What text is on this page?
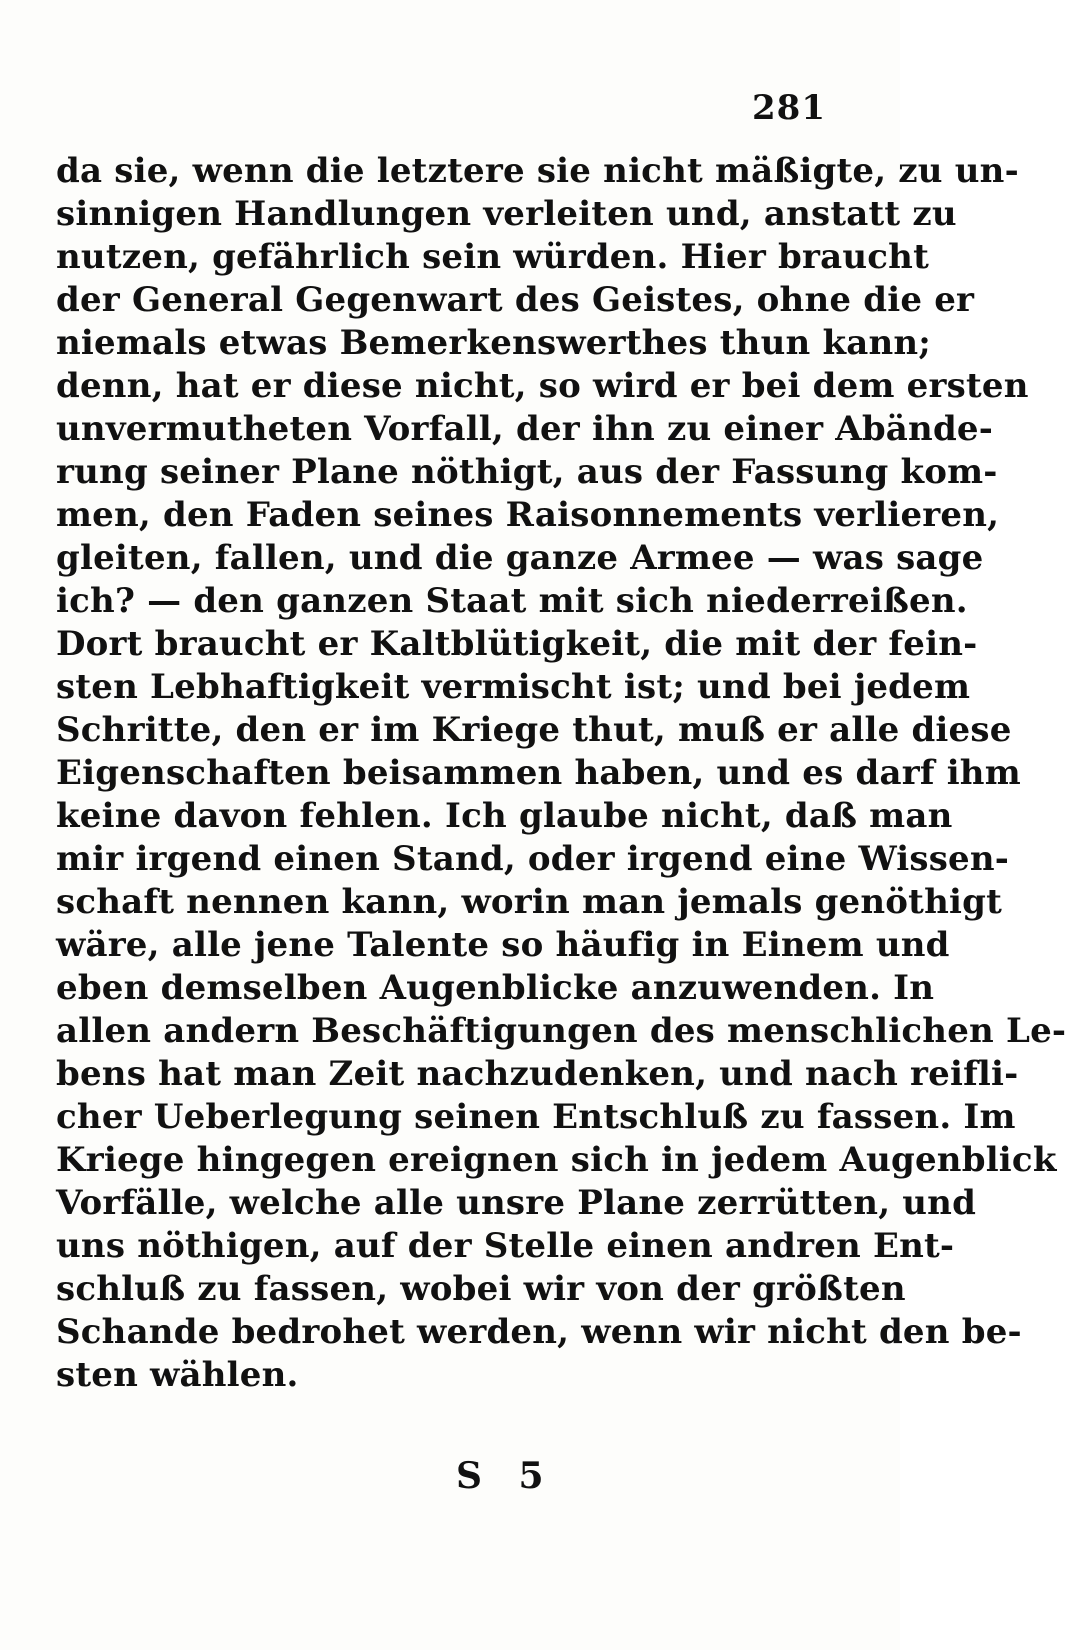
281
da sie, wenn die letztere sie nicht mäßigte, zu un-
sinnigen Handlungen verleiten und, anstatt zu
nutzen, gefährlich sein würden. Hier braucht
der General Gegenwart des Geistes, ohne die er
niemals etwas Bemerkenswerthes thun kann;
denn, hat er diese nicht, so wird er bei dem ersten
unvermutheten Vorfall, der ihn zu einer Abände-
rung seiner Plane nöthigt, aus der Fassung kom-
men, den Faden seines Raisonnements verlieren,
gleiten, fallen, und die ganze Armee — was sage
ich? — den ganzen Staat mit sich niederreißen.
Dort braucht er Kaltblütigkeit, die mit der fein-
sten Lebhaftigkeit vermischt ist; und bei jedem
Schritte, den er im Kriege thut, muß er alle diese
Eigenschaften beisammen haben, und es darf ihm
keine davon fehlen. Ich glaube nicht, daß man
mir irgend einen Stand, oder irgend eine Wissen-
schaft nennen kann, worin man jemals genöthigt
wäre, alle jene Talente so häufig in Einem und
eben demselben Augenblicke anzuwenden. In
allen andern Beschäftigungen des menschlichen Le-
bens hat man Zeit nachzudenken, und nach reifli-
cher Ueberlegung seinen Entschluß zu fassen. Im
Kriege hingegen ereignen sich in jedem Augenblick
Vorfälle, welche alle unsre Plane zerrütten, und
uns nöthigen, auf der Stelle einen andren Ent-
schluß zu fassen, wobei wir von der größten
Schande bedrohet werden, wenn wir nicht den be-
sten wählen.
S 5
